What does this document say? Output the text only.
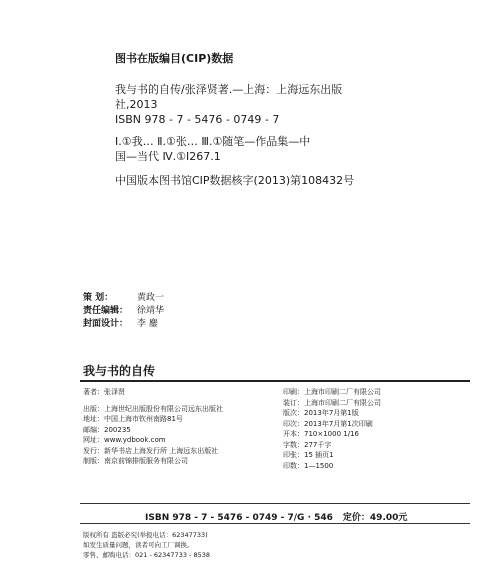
图书在版编目(CIP)数据
我与书的自传/张泽贤著.—上海：上海远东出版
社,2013
ISBN 978 - 7 - 5476 - 0749 - 7
Ⅰ.①我… Ⅱ.①张… Ⅲ.①随笔—作品集—中
国—当代 Ⅳ.①I267.1
中国版本图书馆CIP数据核字(2013)第108432号
策 划：	黄政一
责任编辑： 徐靖华
封面设计： 李 鏖
我与书的自传
著者：张泽贤
出版：上海世纪出版股份有限公司远东出版社
地址：中国上海市钦州南路81号
邮编：200235
网址：www.ydbook.com
发行：新华书店上海发行所 上海远东出版社
制版：南京前锦排版服务有限公司
印刷：上海市印刷二厂有限公司
装订：上海市印刷二厂有限公司
版次：2013年7月第1版
印次：2013年7月第1次印刷
开本：710×1000 1/16
字数：277千字
印张：15 插页1
印数：1—1500
ISBN 978 - 7 - 5476 - 0749 - 7/G · 546 定价：49.00元
版权所有 盗版必究(举报电话：62347733)
如发生质量问题，读者可向工厂调换。
零售、邮购电话：021 - 62347733 - 8538
